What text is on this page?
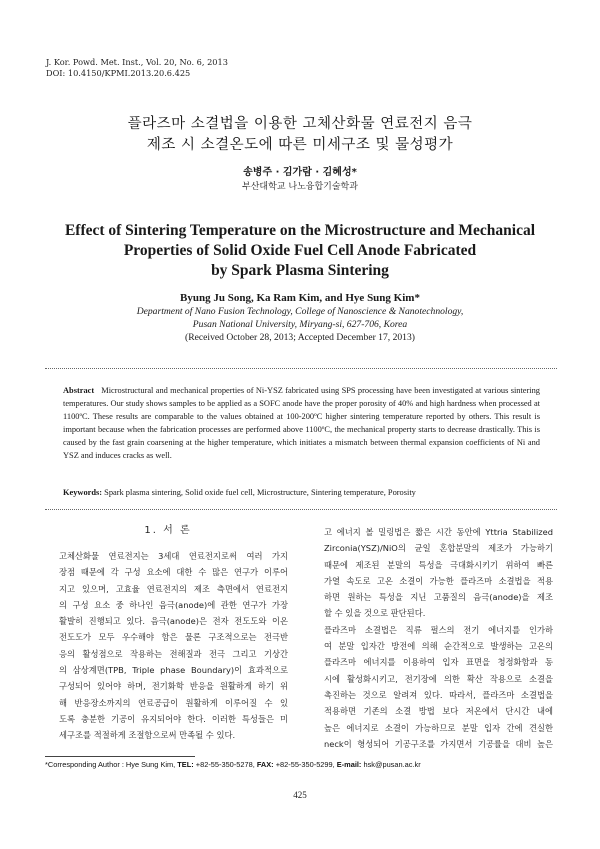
J. Kor. Powd. Met. Inst., Vol. 20, No. 6, 2013
DOI: 10.4150/KPMI.2013.20.6.425
플라즈마 소결법을 이용한 고체산화물 연료전지 음극
제조 시 소결온도에 따른 미세구조 및 물성평가
송병주 · 김가람 · 김혜성*
부산대학교 나노융합기술학과
Effect of Sintering Temperature on the Microstructure and Mechanical
Properties of Solid Oxide Fuel Cell Anode Fabricated
by Spark Plasma Sintering
Byung Ju Song, Ka Ram Kim, and Hye Sung Kim*
Department of Nano Fusion Technology, College of Nanoscience & Nanotechnology,
Pusan National University, Miryang-si, 627-706, Korea
(Received October 28, 2013; Accepted December 17, 2013)
Abstract Microstructural and mechanical properties of Ni-YSZ fabricated using SPS processing have been investigated at various sintering temperatures. Our study shows samples to be applied as a SOFC anode have the proper porosity of 40% and high hardness when processed at 1100ºC. These results are comparable to the values obtained at 100-200ºC higher sintering temperature reported by others. This result is important because when the fabrication processes are performed above 1100ºC, the mechanical property starts to decrease drastically. This is caused by the fast grain coarsening at the higher temperature, which initiates a mismatch between thermal expansion coefficients of Ni and YSZ and induces cracks as well.
Keywords: Spark plasma sintering, Solid oxide fuel cell, Microstructure, Sintering temperature, Porosity
1. 서 론

고체산화물 연료전지는 3세대 연료전지로써 여러 가지
장점 때문에 각 구성 요소에 대한 수 많은 연구가 이루어
지고 있으며, 고효율 연료전지의 제조 측면에서 연료전지
의 구성 요소 중 하나인 음극(anode)에 관한 연구가 가장
활발히 진행되고 있다. 음극(anode)은 전자 전도도와 이온
전도도가 모두 우수해야 함은 물론 구조적으로는 전극반
응의 활성점으로 작용하는 전해질과 전극 그리고 기상간
의 삼상계면(TPB, Triple phase Boundary)이 효과적으로
구성되어 있어야 하며, 전기화학 반응을 원활하게 하기 위
해 반응장소까지의 연료공급이 원활하게 이루어질 수 있
도록 충분한 기공이 유지되어야 한다. 이러한 특성들은 미
세구조를 적절하게 조절함으로써 만족될 수 있다.

고 에너지 볼 밀링법은 짧은 시간 동안에 Yttria Stabilized
Zirconia(YSZ)/NiO의 균일 혼합분말의 제조가 가능하기
때문에 제조된 분말의 특성을 극대화시키기 위하여 빠른
가열 속도로 고온 소결이 가능한 플라즈마 소결법을 적용
하면 원하는 특성을 지닌 고품질의 음극(anode)을 제조
할 수 있을 것으로 판단된다.

플라즈마 소결법은 직류 펄스의 전기 에너지를 인가하
여 분말 입자간 방전에 의해 순간적으로 발생하는 고온의
플라즈마 에너지를 이용하여 입자 표면을 청정화함과 동
시에 활성화시키고, 전기장에 의한 확산 작용으로 소결을
촉진하는 것으로 알려져 있다. 따라서, 플라즈마 소결법을
적용하면 기존의 소결 방법 보다 저온에서 단시간 내에
높은 에너지로 소결이 가능하므로 분말 입자 간에 견실한
neck이 형성되어 기공구조를 가지면서 기공률을 대비 높은

*Corresponding Author : Hye Sung Kim, TEL: +82-55-350-5278, FAX: +82-55-350-5299, E-mail: hsk@pusan.ac.kr
425
